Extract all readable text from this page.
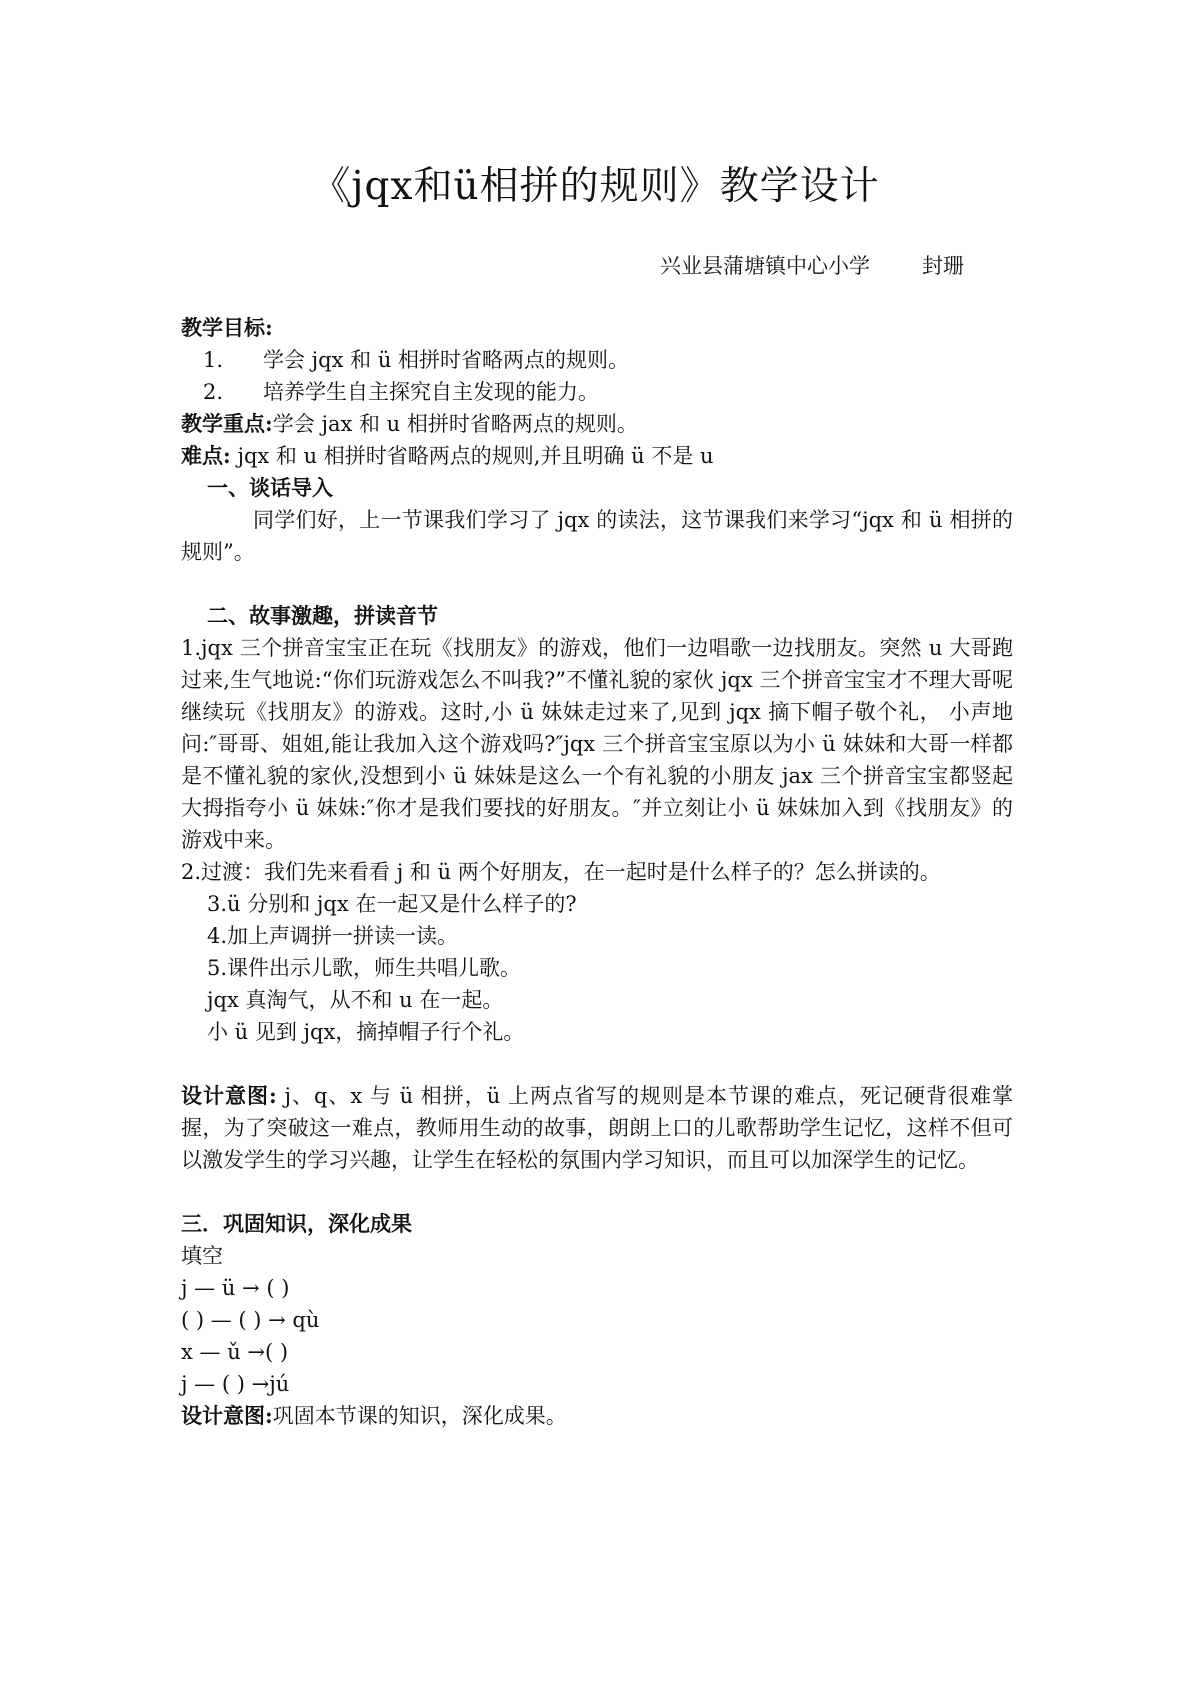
《jqx和ü相拼的规则》教学设计
兴业县蒲塘镇中心小学 封珊

教学目标:

1. 学会 jqx 和 ü 相拼时省略两点的规则。

2. 培养学生自主探究自主发现的能力。

教学重点:学会 jax 和 u 相拼时省略两点的规则。

难点: jqx 和 u 相拼时省略两点的规则,并且明确 ü 不是 u

一、谈话导入

同学们好，上一节课我们学习了 jqx 的读法，这节课我们来学习“jqx 和 ü 相拼的规则”。

二、故事激趣，拼读音节

1.jqx 三个拼音宝宝正在玩《找朋友》的游戏，他们一边唱歌一边找朋友。突然 u 大哥跑过来,生气地说:“你们玩游戏怎么不叫我?”不懂礼貌的家伙 jqx 三个拼音宝宝才不理大哥呢继续玩《找朋友》的游戏。这时,小 ü 妹妹走过来了,见到 jqx 摘下帽子敬个礼， 小声地问:″哥哥、姐姐,能让我加入这个游戏吗?″jqx 三个拼音宝宝原以为小 ü 妹妹和大哥一样都是不懂礼貌的家伙,没想到小 ü 妹妹是这么一个有礼貌的小朋友 jax 三个拼音宝宝都竖起大拇指夸小 ü 妹妹:″你才是我们要找的好朋友。″并立刻让小 ü 妹妹加入到《找朋友》的游戏中来。

2.过渡：我们先来看看 j 和 ü 两个好朋友，在一起时是什么样子的？怎么拼读的。

3.ü 分别和 jqx 在一起又是什么样子的?

4.加上声调拼一拼读一读。

5.课件出示儿歌，师生共唱儿歌。

jqx 真淘气，从不和 u 在一起。

小 ü 见到 jqx，摘掉帽子行个礼。

设计意图: j、q、x 与 ü 相拼，ü 上两点省写的规则是本节课的难点，死记硬背很难掌握，为了突破这一难点，教师用生动的故事，朗朗上口的儿歌帮助学生记忆，这样不但可以激发学生的学习兴趣，让学生在轻松的氛围内学习知识，而且可以加深学生的记忆。

三．巩固知识，深化成果

填空

j — ü → ( )

( ) — ( ) → qù

x — ǔ →( )

j — ( ) →jú

设计意图:巩固本节课的知识，深化成果。
